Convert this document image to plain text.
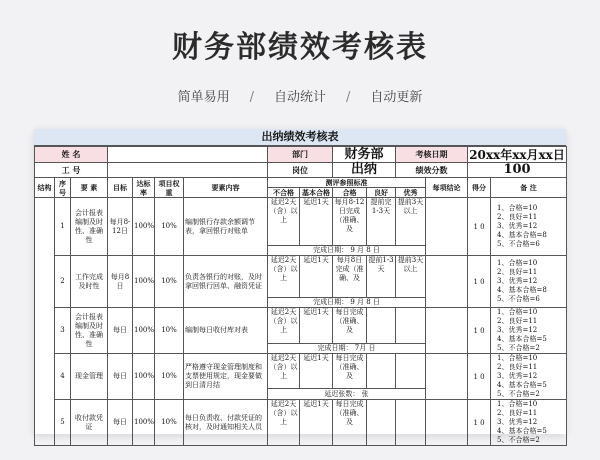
财务部绩效考核表
简单易用 / 自动统计 / 自动更新
出纳绩效考核表
姓 名							部门		财务部		考核日期		20xx年xx月xx日	
工 号							岗位		出纳		绩效分数		100	
结构	序号	要 素	目标	达标率	项目权重	要素内容	测评参照标准					每项结论	得分	备 注
							不合格	基本合格	合格	良好	优秀			
	1	会计报表编制及时性、准确性	每月8-12日	100%	10%	编制银行存款余额调节表，拿回银行对账单	延迟2天（含）以上	延迟1天	每月8-12日完成（准确、及	提前完1-3天	提前3天以上		1 0	1、合格=10
2、良好=11
3、优秀=12
4、基本合格=8
5、不合格=6

							完成日期： 9 月 8 日							
	2	工作完成及时性	每月8日	100%	10%	负责各银行的对账，及时拿回银行回单、融资凭证	延迟2天（含）以上	延迟1天	每月8日完成（准确、及	提前1-3天	提前3天以上		1 0	1、合格=10
2、良好=11
3、优秀=12
4、基本合格=8
5、不合格=6

							完成日期： 9 月 8 日							
	3	会计报表编制及时性、准确性	每日	100%	10%	编制每日收付库对表	延迟2天（含）以上	延迟1天	每日完成（准确、及				1 0	1、合格=10
2、良好=11
3、优秀=12
4、基本合格=5
5、不合格=2

							完成日期： 7月 日							
	4	现金管理	每日	100%	10%	严格遵守现金管理制度和支票使用规定，现金要做到日清月结	延迟2天（含）以上	延迟1天	每日完成（准确、及				1 0	1、合格=10
2、良好=11
3、优秀=12
4、基本合格=5
5、不合格=2

							延迟张数： 张							
	5	收付款凭证	每日	100%	10%	每日负责收、付款凭证的核对，及时通知相关人员	延迟2天（含）以上	延迟1天	每日完成（准确、及				1 0	1、合格=10
2、良好=11
3、优秀=12
4、基本合格=5
5、不合格=2
